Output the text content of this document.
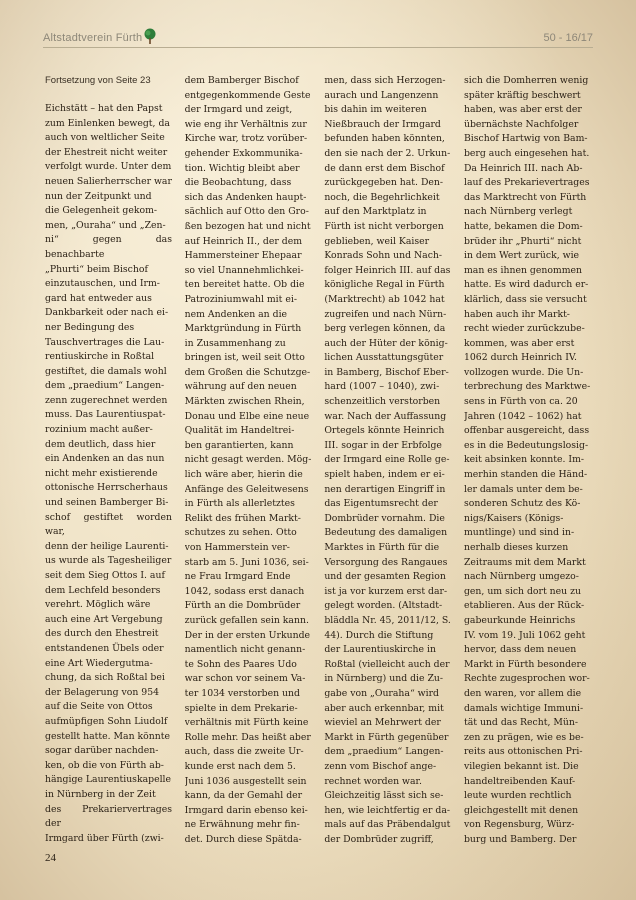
Altstadtverein Fürth	50 - 16/17
Fortsetzung von Seite 23

Eichstätt – hat den Papst
zum Einlenken bewegt, da
auch von weltlicher Seite
der Ehestreit nicht weiter
verfolgt wurde. Unter dem
neuen Salierherrscher war
nun der Zeitpunkt und
die Gelegenheit gekom-
men, „Ouraha“ und „Zen-
ni“ gegen das benachbarte
„Phurti“ beim Bischof
einzutauschen, und Irm-
gard hat entweder aus
Dankbarkeit oder nach ei-
ner Bedingung des
Tauschvertrages die Lau-
rentiuskirche in Roßtal
gestiftet, die damals wohl
dem „praedium“ Langen-
zenn zugerechnet werden
muss. Das Laurentiuspat-
rozinium macht außer-
dem deutlich, dass hier
ein Andenken an das nun
nicht mehr existierende
ottonische Herrscherhaus
und seinen Bamberger Bi-
schof gestiftet worden war,
denn der heilige Laurenti-
us wurde als Tagesheiliger
seit dem Sieg Ottos I. auf
dem Lechfeld besonders
verehrt. Möglich wäre
auch eine Art Vergebung
des durch den Ehestreit
entstandenen Übels oder
eine Art Wiedergutma-
chung, da sich Roßtal bei
der Belagerung von 954
auf die Seite von Ottos
aufmüpfigen Sohn Liudolf
gestellt hatte. Man könnte
sogar darüber nachden-
ken, ob die von Fürth ab-
hängige Laurentiuskapelle
in Nürnberg in der Zeit
des Prekariervertrages der
Irmgard über Fürth (zwi-

dem Bamberger Bischof
entgegenkommende Geste
der Irmgard und zeigt,
wie eng ihr Verhältnis zur
Kirche war, trotz vorüber-
gehender Exkommunika-
tion. Wichtig bleibt aber
die Beobachtung, dass
sich das Andenken haupt-
sächlich auf Otto den Gro-
ßen bezogen hat und nicht
auf Heinrich II., der dem
Hammersteiner Ehepaar
so viel Unannehmlichkei-
ten bereitet hatte. Ob die
Patroziniumwahl mit ei-
nem Andenken an die
Marktgründung in Fürth
in Zusammenhang zu
bringen ist, weil seit Otto
dem Großen die Schutzge-
währung auf den neuen
Märkten zwischen Rhein,
Donau und Elbe eine neue
Qualität im Handeltrei-
ben garantierten, kann
nicht gesagt werden. Mög-
lich wäre aber, hierin die
Anfänge des Geleitwesens
in Fürth als allerletztes
Relikt des frühen Markt-
schutzes zu sehen. Otto
von Hammerstein ver-
starb am 5. Juni 1036, sei-
ne Frau Irmgard Ende
1042, sodass erst danach
Fürth an die Dombrüder
zurück gefallen sein kann.
Der in der ersten Urkunde
namentlich nicht genann-
te Sohn des Paares Udo
war schon vor seinem Va-
ter 1034 verstorben und
spielte in dem Prekarie-
verhältnis mit Fürth keine
Rolle mehr. Das heißt aber
auch, dass die zweite Ur-
kunde erst nach dem 5.
Juni 1036 ausgestellt sein
kann, da der Gemahl der
Irmgard darin ebenso kei-
ne Erwähnung mehr fin-
det. Durch diese Spätda-

men, dass sich Herzogen-
aurach und Langenzenn
bis dahin im weiteren
Nießbrauch der Irmgard
befunden haben könnten,
den sie nach der 2. Urkun-
de dann erst dem Bischof
zurückgegeben hat. Den-
noch, die Begehrlichkeit
auf den Marktplatz in
Fürth ist nicht verborgen
geblieben, weil Kaiser
Konrads Sohn und Nach-
folger Heinrich III. auf das
königliche Regal in Fürth
(Marktrecht) ab 1042 hat
zugreifen und nach Nürn-
berg verlegen können, da
auch der Hüter der könig-
lichen Ausstattungsgüter
in Bamberg, Bischof Eber-
hard (1007 – 1040), zwi-
schenzeitlich verstorben
war. Nach der Auffassung
Ortegels könnte Heinrich
III. sogar in der Erbfolge
der Irmgard eine Rolle ge-
spielt haben, indem er ei-
nen derartigen Eingriff in
das Eigentumsrecht der
Dombrüder vornahm. Die
Bedeutung des damaligen
Marktes in Fürth für die
Versorgung des Rangaues
und der gesamten Region
ist ja vor kurzem erst dar-
gelegt worden. (Altstadt-
bläddla Nr. 45, 2011/12, S.
44). Durch die Stiftung
der Laurentiuskirche in
Roßtal (vielleicht auch der
in Nürnberg) und die Zu-
gabe von „Ouraha“ wird
aber auch erkennbar, mit
wieviel an Mehrwert der
Markt in Fürth gegenüber
dem „praedium“ Langen-
zenn vom Bischof ange-
rechnet worden war.
Gleichzeitig lässt sich se-
hen, wie leichtfertig er da-
mals auf das Präbendalgut
der Dombrüder zugriff,

sich die Domherren wenig
später kräftig beschwert
haben, was aber erst der
übernächste Nachfolger
Bischof Hartwig von Bam-
berg auch eingesehen hat.
Da Heinrich III. nach Ab-
lauf des Prekarievertrages
das Marktrecht von Fürth
nach Nürnberg verlegt
hatte, bekamen die Dom-
brüder ihr „Phurti“ nicht
in dem Wert zurück, wie
man es ihnen genommen
hatte. Es wird dadurch er-
klärlich, dass sie versucht
haben auch ihr Markt-
recht wieder zurückzube-
kommen, was aber erst
1062 durch Heinrich IV.
vollzogen wurde. Die Un-
terbrechung des Marktwe-
sens in Fürth von ca. 20
Jahren (1042 – 1062) hat
offenbar ausgereicht, dass
es in die Bedeutungslosig-
keit absinken konnte. Im-
merhin standen die Händ-
ler damals unter dem be-
sonderen Schutz des Kö-
nigs/Kaisers (Königs-
muntlinge) und sind in-
nerhalb dieses kurzen
Zeitraums mit dem Markt
nach Nürnberg umgezo-
gen, um sich dort neu zu
etablieren. Aus der Rück-
gabeurkunde Heinrichs
IV. vom 19. Juli 1062 geht
hervor, dass dem neuen
Markt in Fürth besondere
Rechte zugesprochen wor-
den waren, vor allem die
damals wichtige Immuni-
tät und das Recht, Mün-
zen zu prägen, wie es be-
reits aus ottonischen Pri-
vilegien bekannt ist. Die
handeltreibenden Kauf-
leute wurden rechtlich
gleichgestellt mit denen
von Regensburg, Würz-
burg und Bamberg. Der

24
